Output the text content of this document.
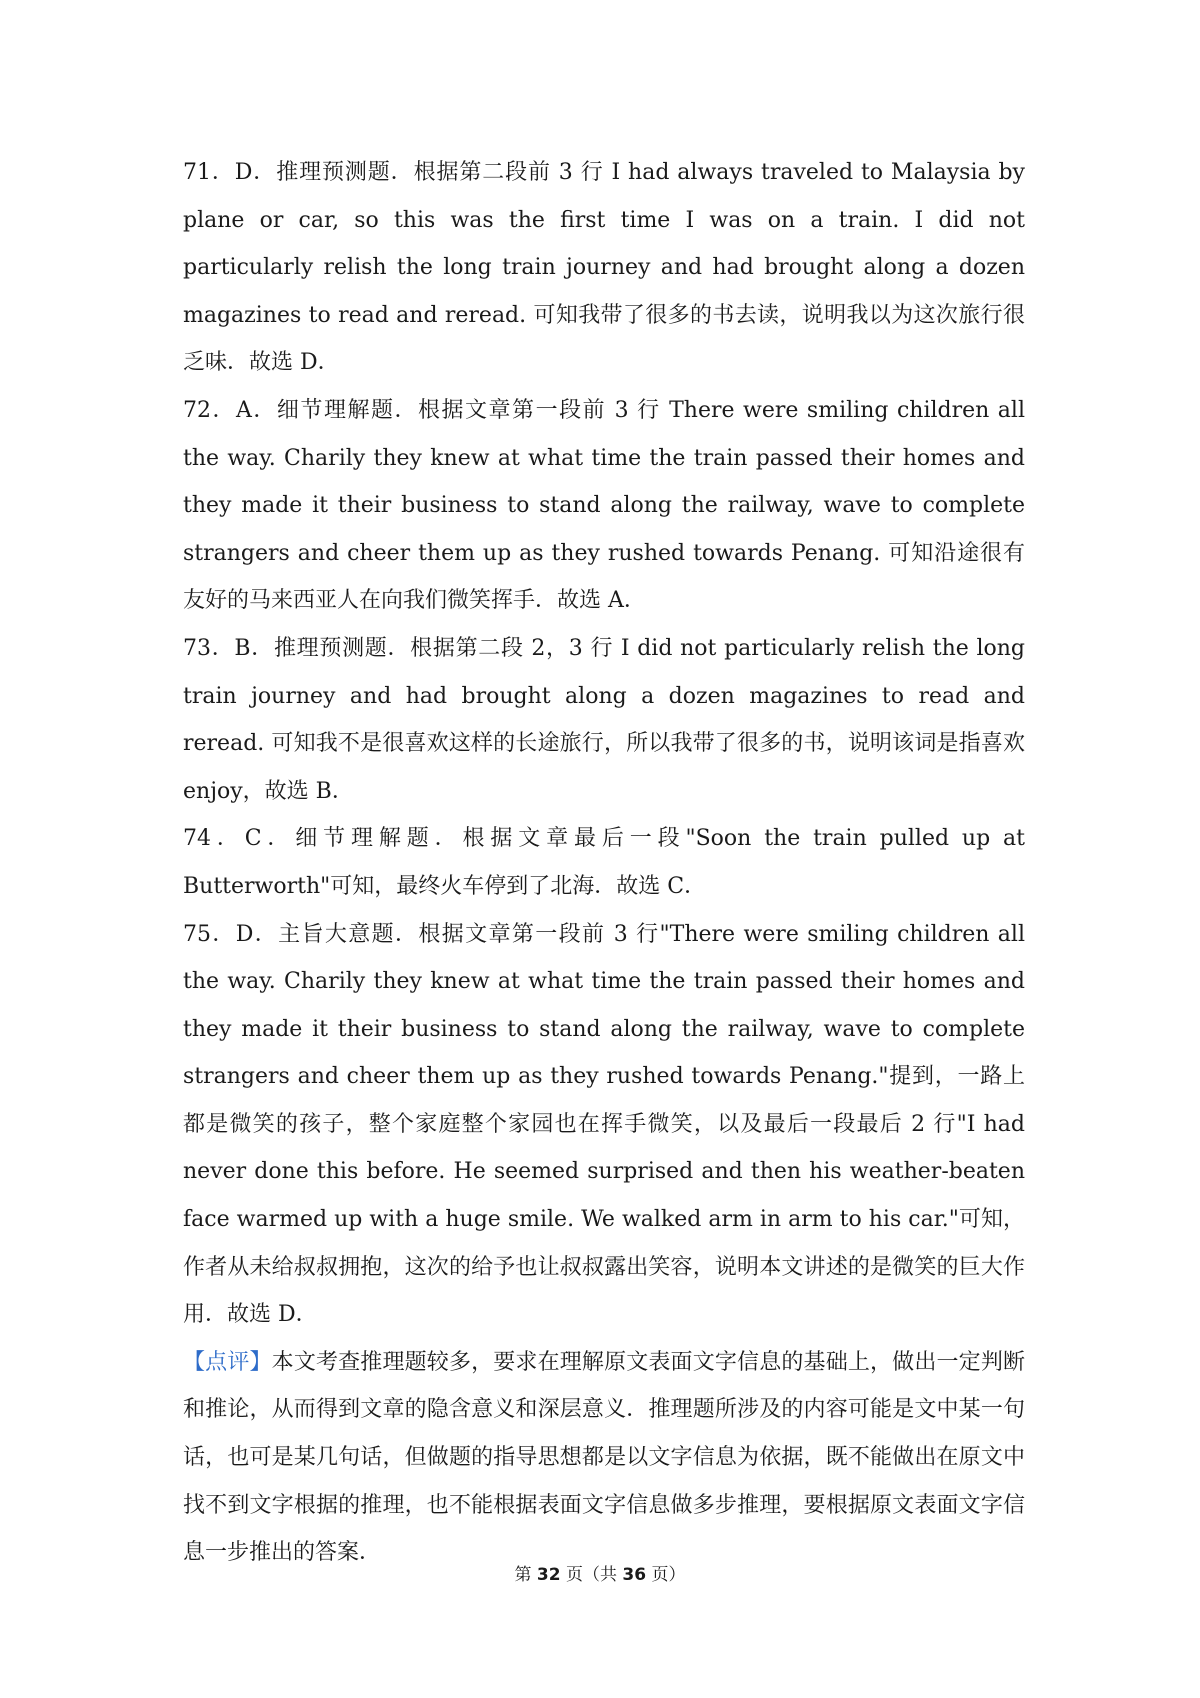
71．D．推理预测题．根据第二段前 3 行 I had always traveled to Malaysia by plane or car, so this was the first time I was on a train. I did not particularly relish the long train journey and had brought along a dozen magazines to read and reread. 可知我带了很多的书去读，说明我以为这次旅行很乏味．故选 D．

72．A．细节理解题．根据文章第一段前 3 行 There were smiling children all the way. Charily they knew at what time the train passed their homes and they made it their business to stand along the railway, wave to complete strangers and cheer them up as they rushed towards Penang. 可知沿途很有友好的马来西亚人在向我们微笑挥手．故选 A．

73．B．推理预测题．根据第二段 2，3 行 I did not particularly relish the long train journey and had brought along a dozen magazines to read and reread. 可知我不是很喜欢这样的长途旅行，所以我带了很多的书，说明该词是指喜欢 enjoy，故选 B．

74．C．细节理解题．根据文章最后一段"Soon the train pulled up at Butterworth"可知，最终火车停到了北海．故选 C．

75．D．主旨大意题．根据文章第一段前 3 行"There were smiling children all the way. Charily they knew at what time the train passed their homes and they made it their business to stand along the railway, wave to complete strangers and cheer them up as they rushed towards Penang."提到，一路上都是微笑的孩子，整个家庭整个家园也在挥手微笑，以及最后一段最后 2 行"I had never done this before. He seemed surprised and then his weather-beaten face warmed up with a huge smile. We walked arm in arm to his car."可知，作者从未给叔叔拥抱，这次的给予也让叔叔露出笑容，说明本文讲述的是微笑的巨大作用．故选 D．

【点评】本文考查推理题较多，要求在理解原文表面文字信息的基础上，做出一定判断和推论，从而得到文章的隐含意义和深层意义．推理题所涉及的内容可能是文中某一句话，也可是某几句话，但做题的指导思想都是以文字信息为依据，既不能做出在原文中找不到文字根据的推理，也不能根据表面文字信息做多步推理，要根据原文表面文字信息一步推出的答案．

第 32 页（共 36 页）
